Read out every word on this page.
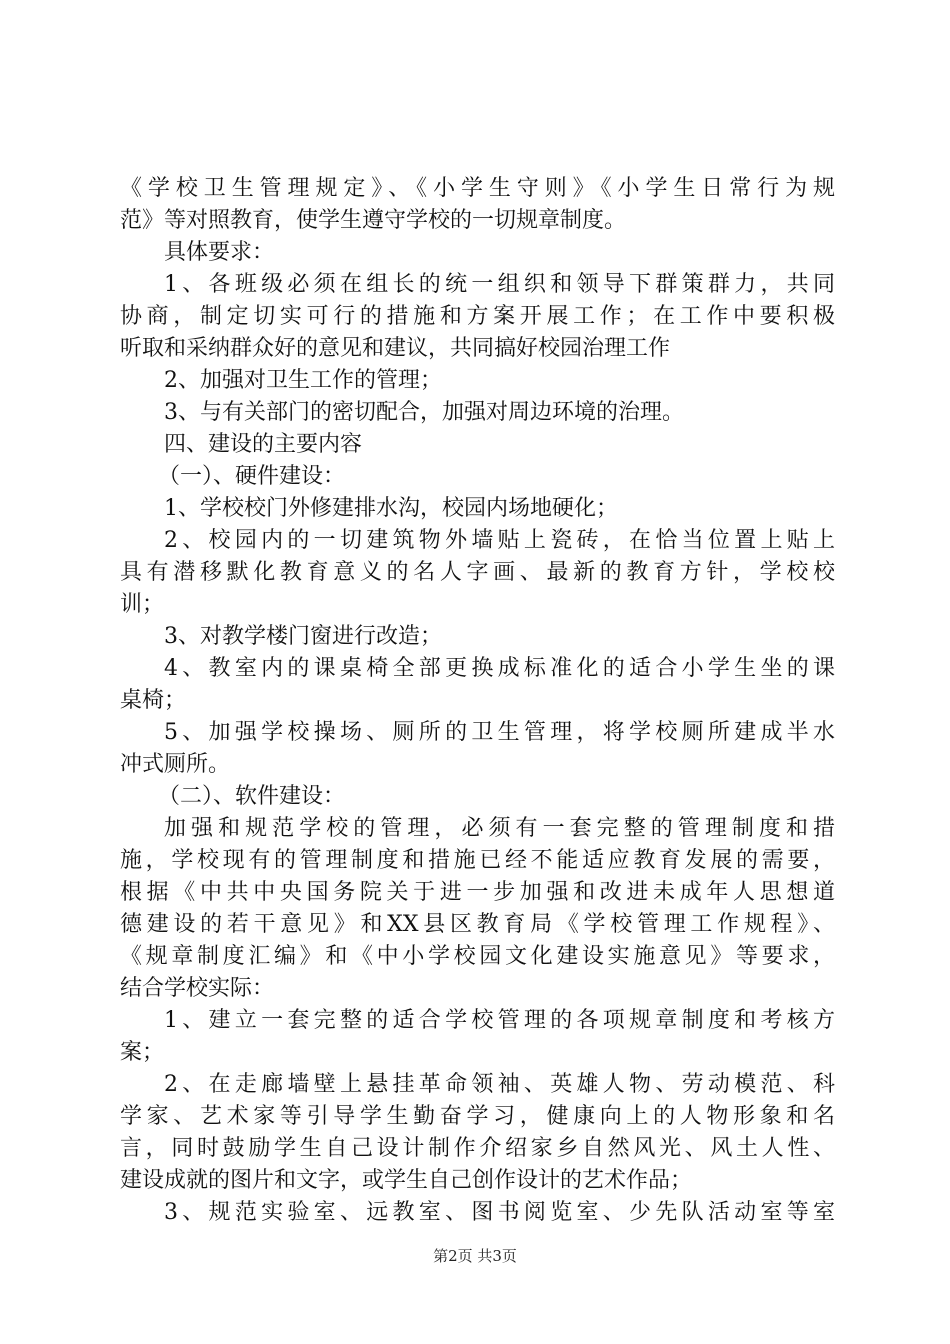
《学校卫生管理规定》、《小学生守则》《小学生日常行为规
范》等对照教育，使学生遵守学校的一切规章制度。
具体要求：
1、各班级必须在组长的统一组织和领导下群策群力，共同
协商，制定切实可行的措施和方案开展工作；在工作中要积极
听取和采纳群众好的意见和建议，共同搞好校园治理工作
2、加强对卫生工作的管理；
3、与有关部门的密切配合，加强对周边环境的治理。
四、建设的主要内容
（一）、硬件建设：
1、学校校门外修建排水沟，校园内场地硬化；
2、校园内的一切建筑物外墙贴上瓷砖，在恰当位置上贴上
具有潜移默化教育意义的名人字画、最新的教育方针，学校校
训；
3、对教学楼门窗进行改造；
4、教室内的课桌椅全部更换成标准化的适合小学生坐的课
桌椅；
5、加强学校操场、厕所的卫生管理，将学校厕所建成半水
冲式厕所。
（二）、软件建设：
加强和规范学校的管理，必须有一套完整的管理制度和措
施，学校现有的管理制度和措施已经不能适应教育发展的需要，
根据《中共中央国务院关于进一步加强和改进未成年人思想道
德建设的若干意见》和XX县区教育局《学校管理工作规程》、
《规章制度汇编》和《中小学校园文化建设实施意见》等要求，
结合学校实际：
1、建立一套完整的适合学校管理的各项规章制度和考核方
案；
2、在走廊墙壁上悬挂革命领袖、英雄人物、劳动模范、科
学家、艺术家等引导学生勤奋学习，健康向上的人物形象和名
言，同时鼓励学生自己设计制作介绍家乡自然风光、风土人性、
建设成就的图片和文字，或学生自己创作设计的艺术作品；
3、规范实验室、远教室、图书阅览室、少先队活动室等室
第2页 共3页
